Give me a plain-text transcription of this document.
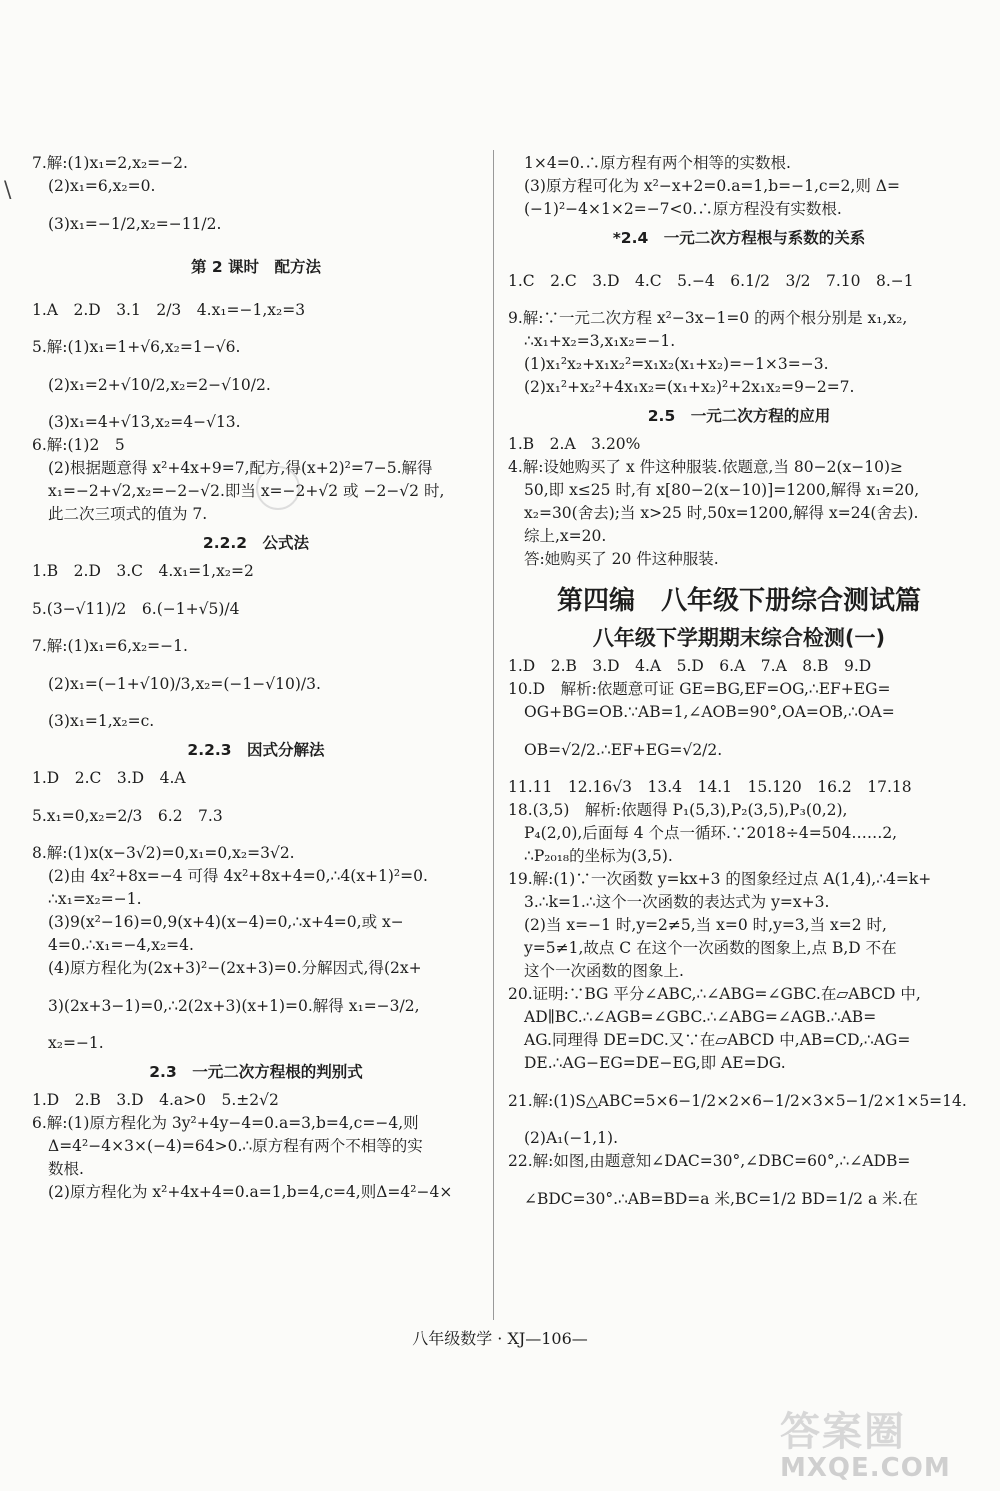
\
7.解:(1)x₁=2,x₂=−2.
(2)x₁=6,x₂=0.
(3)x₁=−1/2,x₂=−11/2.
第 2 课时　配方法
1.A　2.D　3.1　2/3　4.x₁=−1,x₂=3
5.解:(1)x₁=1+√6,x₂=1−√6.
(2)x₁=2+√10/2,x₂=2−√10/2.
(3)x₁=4+√13,x₂=4−√13.
6.解:(1)2　5
(2)根据题意得 x²+4x+9=7,配方,得(x+2)²=7−5.解得
x₁=−2+√2,x₂=−2−√2.即当 x=−2+√2 或 −2−√2 时,
此二次三项式的值为 7.
2.2.2　公式法
1.B　2.D　3.C　4.x₁=1,x₂=2
5.(3−√11)/2　6.(−1+√5)/4
7.解:(1)x₁=6,x₂=−1.
(2)x₁=(−1+√10)/3,x₂=(−1−√10)/3.
(3)x₁=1,x₂=c.
2.2.3　因式分解法
1.D　2.C　3.D　4.A
5.x₁=0,x₂=2/3　6.2　7.3
8.解:(1)x(x−3√2)=0,x₁=0,x₂=3√2.
(2)由 4x²+8x=−4 可得 4x²+8x+4=0,∴4(x+1)²=0.
∴x₁=x₂=−1.
(3)9(x²−16)=0,9(x+4)(x−4)=0,∴x+4=0,或 x−
4=0.∴x₁=−4,x₂=4.
(4)原方程化为(2x+3)²−(2x+3)=0.分解因式,得(2x+
3)(2x+3−1)=0,∴2(2x+3)(x+1)=0.解得 x₁=−3/2,
x₂=−1.
2.3　一元二次方程根的判别式
1.D　2.B　3.D　4.a>0　5.±2√2
6.解:(1)原方程化为 3y²+4y−4=0.a=3,b=4,c=−4,则
Δ=4²−4×3×(−4)=64>0.∴原方程有两个不相等的实
数根.
(2)原方程化为 x²+4x+4=0.a=1,b=4,c=4,则Δ=4²−4×
1×4=0.∴原方程有两个相等的实数根.
(3)原方程可化为 x²−x+2=0.a=1,b=−1,c=2,则 Δ=
(−1)²−4×1×2=−7<0.∴原方程没有实数根.
*2.4　一元二次方程根与系数的关系
1.C　2.C　3.D　4.C　5.−4　6.1/2　3/2　7.10　8.−1
9.解:∵一元二次方程 x²−3x−1=0 的两个根分别是 x₁,x₂,
∴x₁+x₂=3,x₁x₂=−1.
(1)x₁²x₂+x₁x₂²=x₁x₂(x₁+x₂)=−1×3=−3.
(2)x₁²+x₂²+4x₁x₂=(x₁+x₂)²+2x₁x₂=9−2=7.
2.5　一元二次方程的应用
1.B　2.A　3.20%
4.解:设她购买了 x 件这种服装.依题意,当 80−2(x−10)≥
50,即 x≤25 时,有 x[80−2(x−10)]=1200,解得 x₁=20,
x₂=30(舍去);当 x>25 时,50x=1200,解得 x=24(舍去).
综上,x=20.
答:她购买了 20 件这种服装.
第四编　八年级下册综合测试篇
八年级下学期期末综合检测(一)
1.D　2.B　3.D　4.A　5.D　6.A　7.A　8.B　9.D
10.D　解析:依题意可证 GE=BG,EF=OG,∴EF+EG=
OG+BG=OB.∵AB=1,∠AOB=90°,OA=OB,∴OA=
OB=√2/2.∴EF+EG=√2/2.
11.11　12.16√3　13.4　14.1　15.120　16.2　17.18
18.(3,5)　解析:依题得 P₁(5,3),P₂(3,5),P₃(0,2),
P₄(2,0),后面每 4 个点一循环.∵2018÷4=504……2,
∴P₂₀₁₈的坐标为(3,5).
19.解:(1)∵一次函数 y=kx+3 的图象经过点 A(1,4),∴4=k+
3.∴k=1.∴这个一次函数的表达式为 y=x+3.
(2)当 x=−1 时,y=2≠5,当 x=0 时,y=3,当 x=2 时,
y=5≠1,故点 C 在这个一次函数的图象上,点 B,D 不在
这个一次函数的图象上.
20.证明:∵BG 平分∠ABC,∴∠ABG=∠GBC.在▱ABCD 中,
AD∥BC.∴∠AGB=∠GBC.∴∠ABG=∠AGB.∴AB=
AG.同理得 DE=DC.又∵在▱ABCD 中,AB=CD,∴AG=
DE.∴AG−EG=DE−EG,即 AE=DG.
21.解:(1)S△ABC=5×6−1/2×2×6−1/2×3×5−1/2×1×5=14.
(2)A₁(−1,1).
22.解:如图,由题意知∠DAC=30°,∠DBC=60°,∴∠ADB=
∠BDC=30°.∴AB=BD=a 米,BC=1/2 BD=1/2 a 米.在
八年级数学 · XJ—106—
答案圈
MXQE.COM
